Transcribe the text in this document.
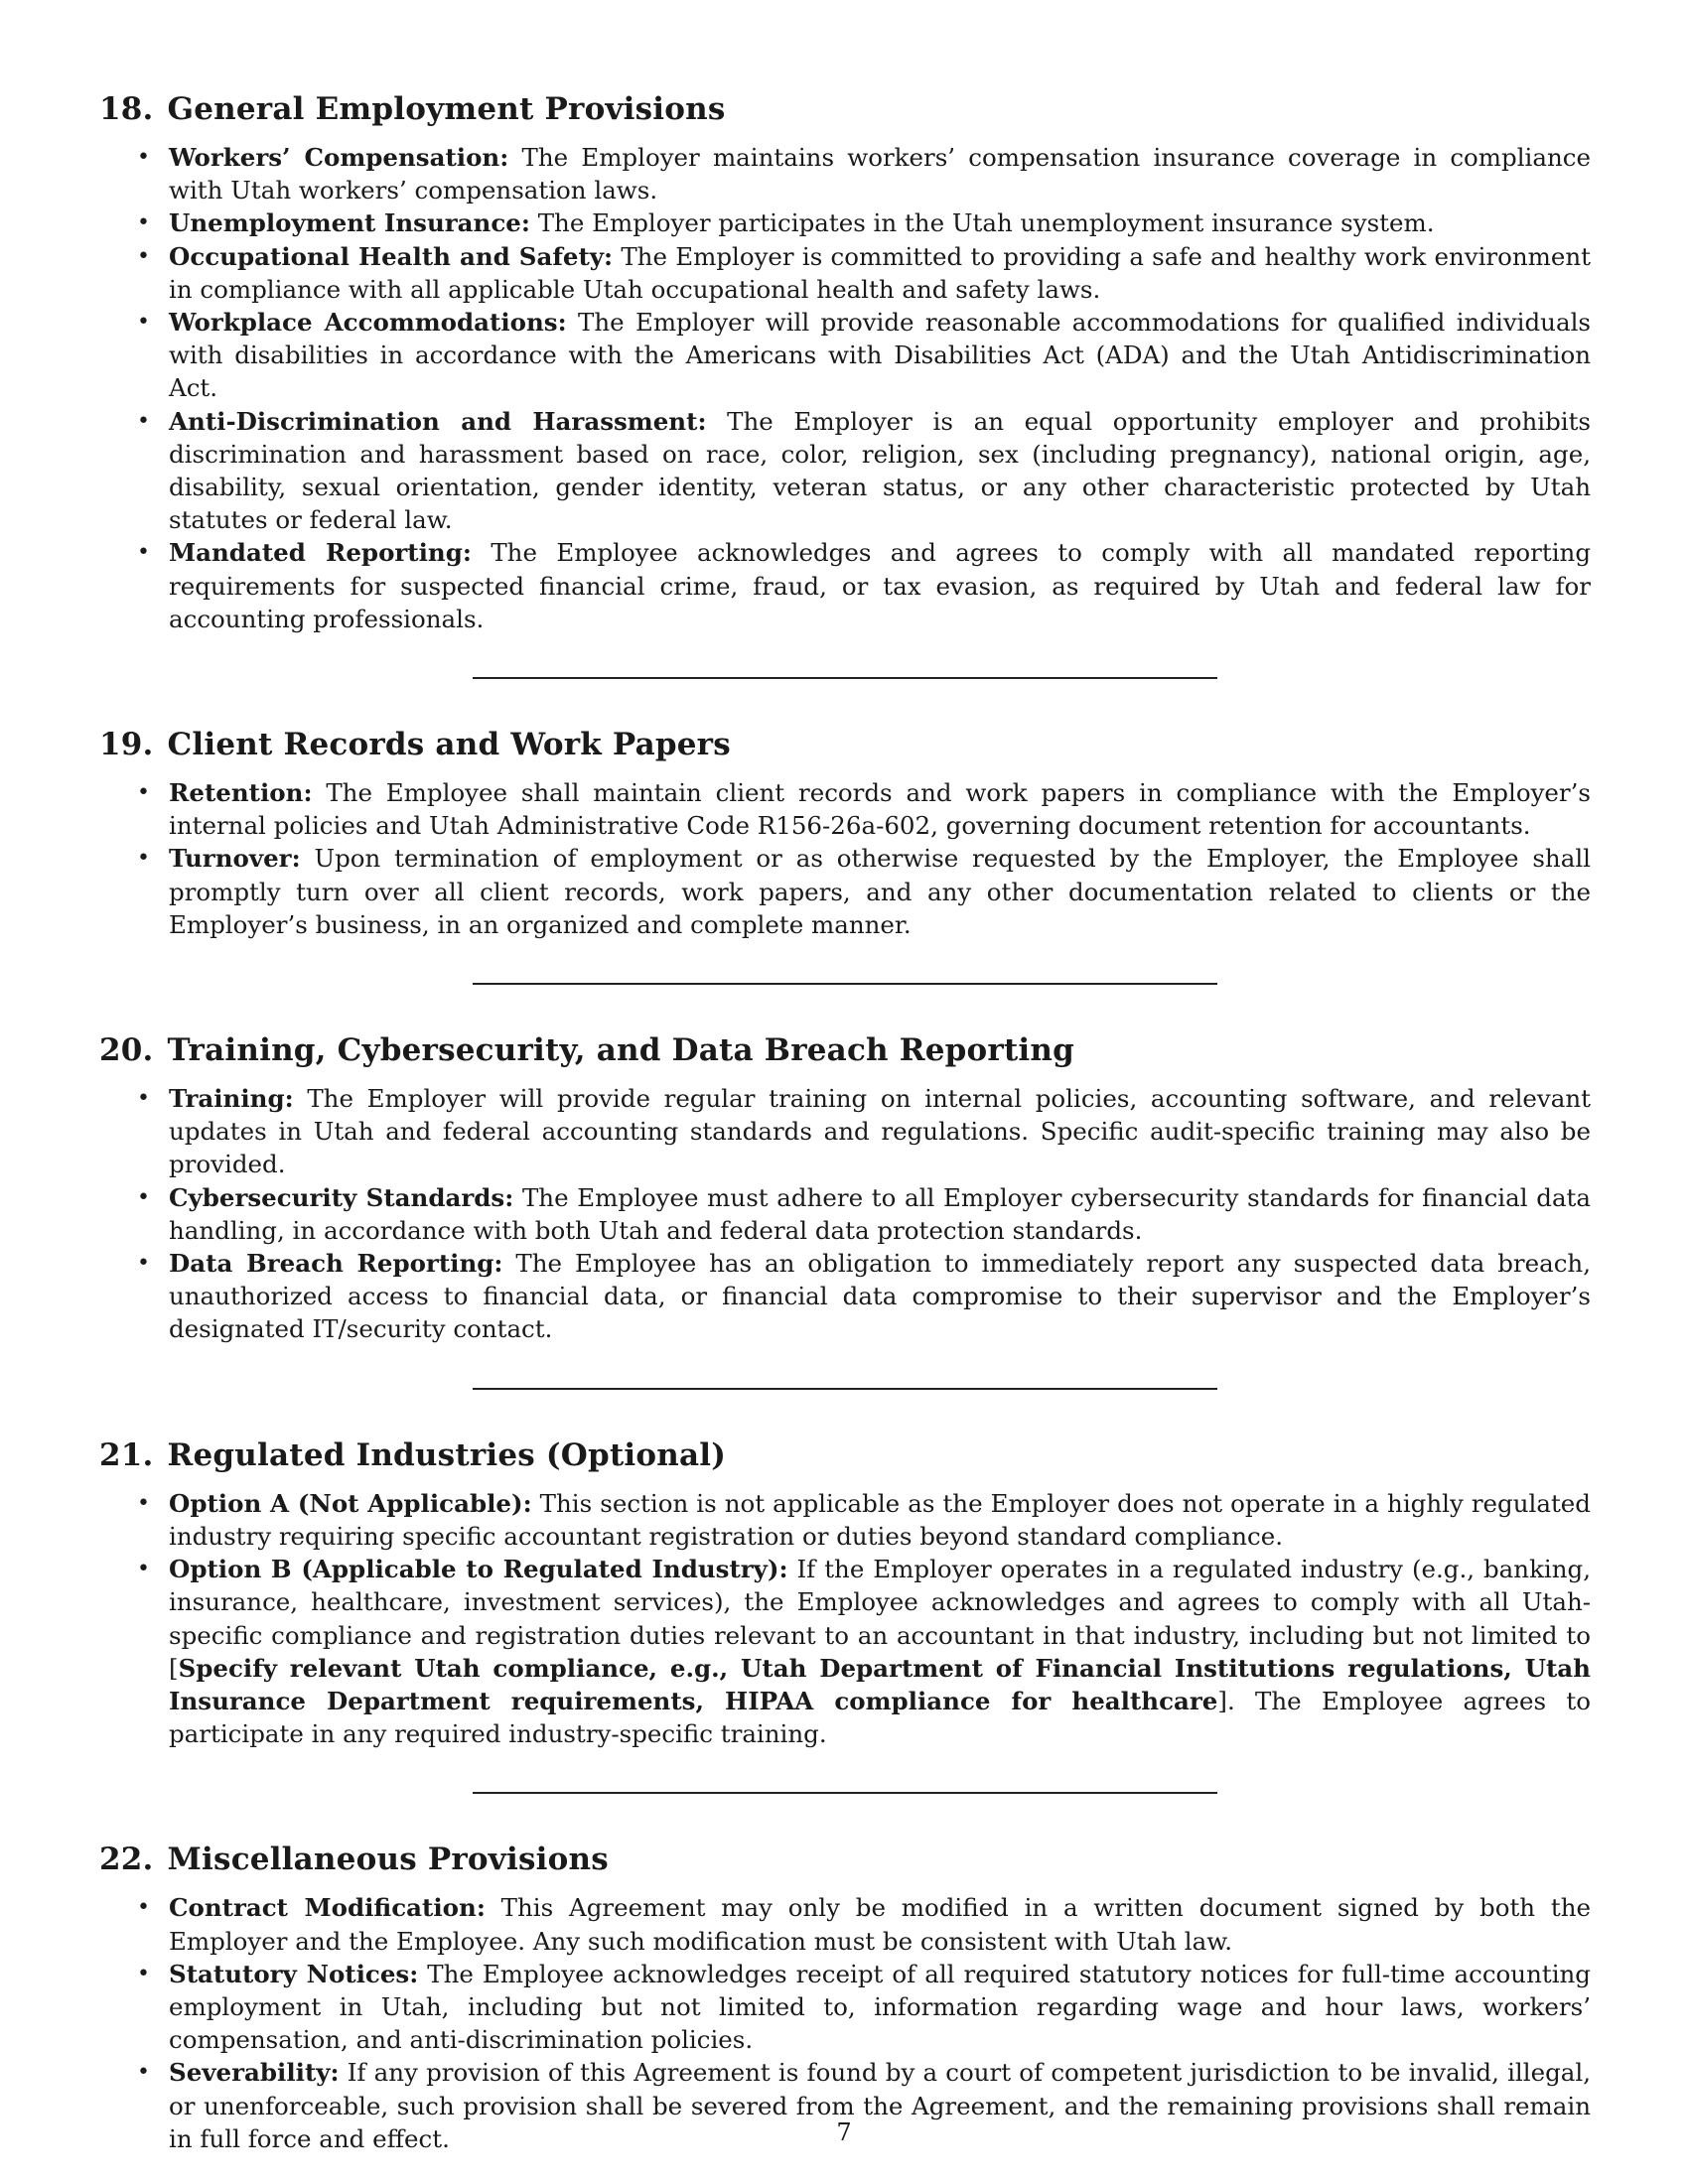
18. General Employment Provisions
• Workers’ Compensation: The Employer maintains workers’ compensation insurance coverage in compliance with Utah workers’ compensation laws.
• Unemployment Insurance: The Employer participates in the Utah unemployment insurance system.
• Occupational Health and Safety: The Employer is committed to providing a safe and healthy work environment in compliance with all applicable Utah occupational health and safety laws.
• Workplace Accommodations: The Employer will provide reasonable accommodations for qualified individuals with disabilities in accordance with the Americans with Disabilities Act (ADA) and the Utah Antidiscrimination Act.
• Anti-Discrimination and Harassment: The Employer is an equal opportunity employer and prohibits discrimination and harassment based on race, color, religion, sex (including pregnancy), national origin, age, disability, sexual orientation, gender identity, veteran status, or any other characteristic protected by Utah statutes or federal law.
• Mandated Reporting: The Employee acknowledges and agrees to comply with all mandated reporting requirements for suspected financial crime, fraud, or tax evasion, as required by Utah and federal law for accounting professionals.
19. Client Records and Work Papers
• Retention: The Employee shall maintain client records and work papers in compliance with the Employer’s internal policies and Utah Administrative Code R156-26a-602, governing document retention for accountants.
• Turnover: Upon termination of employment or as otherwise requested by the Employer, the Employee shall promptly turn over all client records, work papers, and any other documentation related to clients or the Employer’s business, in an organized and complete manner.
20. Training, Cybersecurity, and Data Breach Reporting
• Training: The Employer will provide regular training on internal policies, accounting software, and relevant updates in Utah and federal accounting standards and regulations. Specific audit-specific training may also be provided.
• Cybersecurity Standards: The Employee must adhere to all Employer cybersecurity standards for financial data handling, in accordance with both Utah and federal data protection standards.
• Data Breach Reporting: The Employee has an obligation to immediately report any suspected data breach, unauthorized access to financial data, or financial data compromise to their supervisor and the Employer’s designated IT/security contact.
21. Regulated Industries (Optional)
• Option A (Not Applicable): This section is not applicable as the Employer does not operate in a highly regulated industry requiring specific accountant registration or duties beyond standard compliance.
• Option B (Applicable to Regulated Industry): If the Employer operates in a regulated industry (e.g., banking, insurance, healthcare, investment services), the Employee acknowledges and agrees to comply with all Utah-specific compliance and registration duties relevant to an accountant in that industry, including but not limited to [Specify relevant Utah compliance, e.g., Utah Department of Financial Institutions regulations, Utah Insurance Department requirements, HIPAA compliance for healthcare]. The Employee agrees to participate in any required industry-specific training.
22. Miscellaneous Provisions
• Contract Modification: This Agreement may only be modified in a written document signed by both the Employer and the Employee. Any such modification must be consistent with Utah law.
• Statutory Notices: The Employee acknowledges receipt of all required statutory notices for full-time accounting employment in Utah, including but not limited to, information regarding wage and hour laws, workers’ compensation, and anti-discrimination policies.
• Severability: If any provision of this Agreement is found by a court of competent jurisdiction to be invalid, illegal, or unenforceable, such provision shall be severed from the Agreement, and the remaining provisions shall remain in full force and effect.	7
